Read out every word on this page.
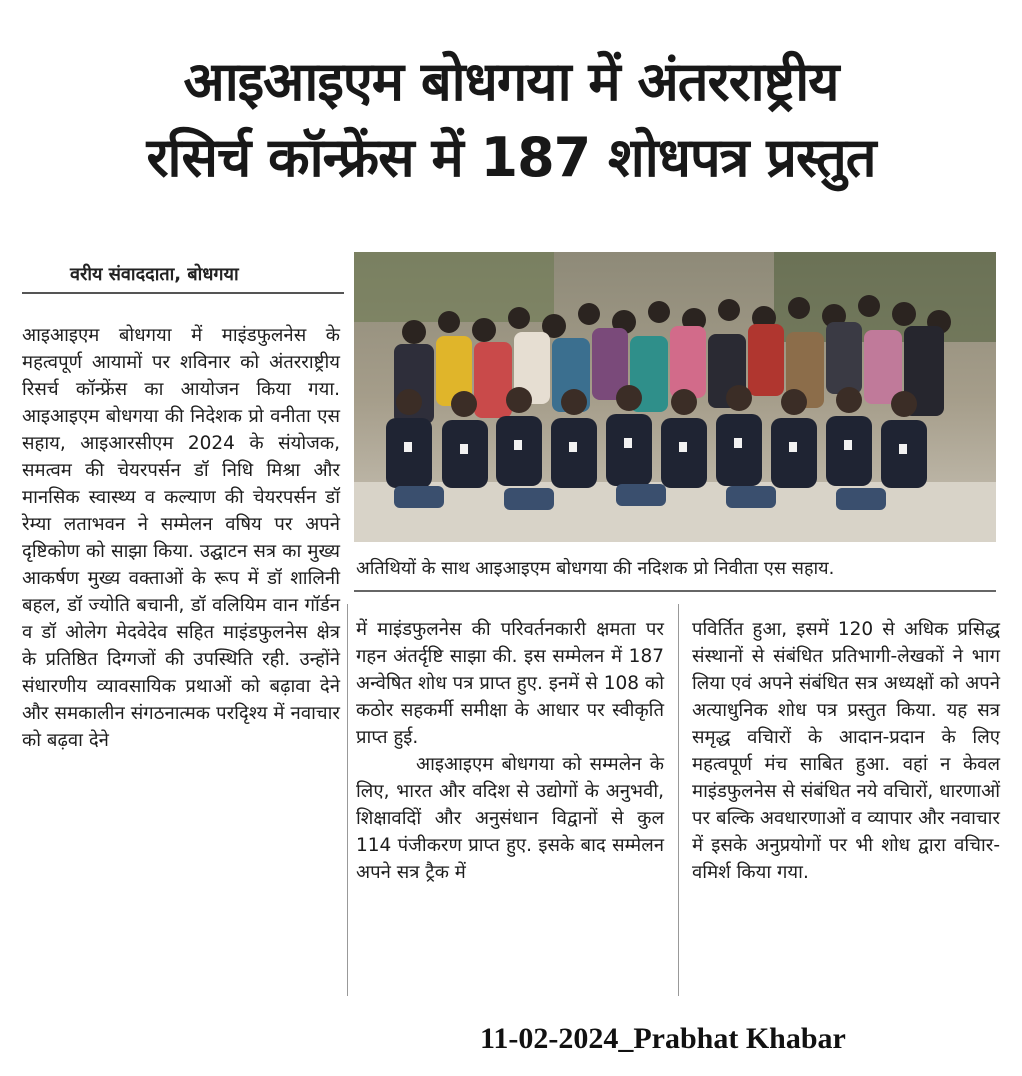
आइआइएम बोधगया में अंतरराष्ट्रीय
रसिर्च कॉन्फ्रेंस में 187 शोधपत्र प्रस्तुत
वरीय संवाददाता, बोधगया

आइआइएम बोधगया में माइंडफुलनेस के महत्वपूर्ण आयामों पर शविनार को अंतरराष्ट्रीय रिसर्च कॉन्फ्रेंस का आयोजन किया गया. आइआइएम बोधगया की निदेशक प्रो वनीता एस सहाय, आइआरसीएम 2024 के संयोजक, समत्वम की चेयरपर्सन डॉ निधि मिश्रा और मानसिक स्वास्थ्य व कल्याण की चेयरपर्सन डॉ रेम्या लताभवन ने सम्मेलन वषिय पर अपने दृष्टिकोण को साझा किया. उद्घाटन सत्र का मुख्य आकर्षण मुख्य वक्ताओं के रूप में डॉ शालिनी बहल, डॉ ज्योति बचानी, डॉ वलियिम वान गॉर्डन व डॉ ओलेग मेदवेदेव सहित माइंडफुलनेस क्षेत्र के प्रतिष्ठित दिग्गजों की उपस्थिति रही. उन्होंने संधारणीय व्यावसायिक प्रथाओं को बढ़ावा देने और समकालीन संगठनात्मक परदिृश्य में नवाचार को बढ़वा देने

अतिथियों के साथ आइआइएम बोधगया की नदिशक प्रो निवीता एस सहाय.

में माइंडफुलनेस की परिवर्तनकारी क्षमता पर गहन अंतर्दृष्टि साझा की. इस सम्मेलन में 187 अन्वेषित शोध पत्र प्राप्त हुए. इनमें से 108 को कठोर सहकर्मी समीक्षा के आधार पर स्वीकृति प्राप्त हुई.

आइआइएम बोधगया को सम्मलेन के लिए, भारत और वदिश से उद्योगों के अनुभवी, शिक्षावदिों और अनुसंधान विद्वानों से कुल 114 पंजीकरण प्राप्त हुए. इसके बाद सम्मेलन अपने सत्र ट्रैक में

पविर्तित हुआ, इसमें 120 से अधिक प्रसिद्ध संस्थानों से संबंधित प्रतिभागी-लेखकों ने भाग लिया एवं अपने संबंधित सत्र अध्यक्षों को अपने अत्याधुनिक शोध पत्र प्रस्तुत किया. यह सत्र समृद्ध वचिारों के आदान-प्रदान के लिए महत्वपूर्ण मंच साबित हुआ. वहां न केवल माइंडफुलनेस से संबंधित नये वचिारों, धारणाओं पर बल्कि अवधारणाओं व व्यापार और नवाचार में इसके अनुप्रयोगों पर भी शोध द्वारा वचिार-वमिर्श किया गया.

11-02-2024_Prabhat Khabar
